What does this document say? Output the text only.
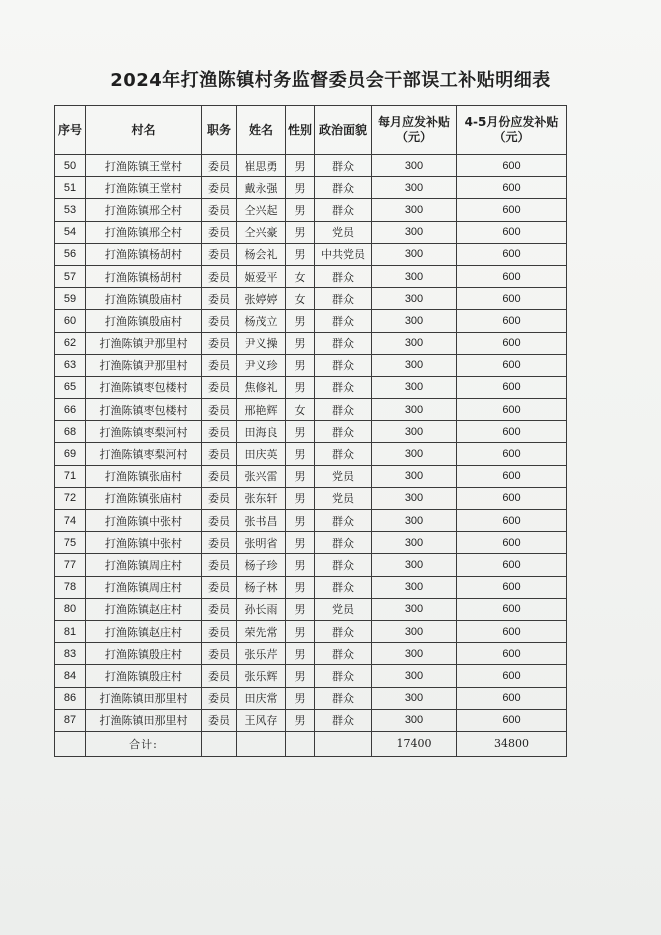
2024年打渔陈镇村务监督委员会干部误工补贴明细表
序号	村名	职务	姓名	性别	政治面貌	每月应发补贴（元）	4-5月份应发补贴（元）
50	打渔陈镇王堂村	委员	崔思勇	男	群众	300	600
51	打渔陈镇王堂村	委员	戴永强	男	群众	300	600
53	打渔陈镇邢仝村	委员	仝兴起	男	群众	300	600
54	打渔陈镇邢仝村	委员	仝兴豪	男	党员	300	600
56	打渔陈镇杨胡村	委员	杨会礼	男	中共党员	300	600
57	打渔陈镇杨胡村	委员	姬爱平	女	群众	300	600
59	打渔陈镇殷庙村	委员	张婷婷	女	群众	300	600
60	打渔陈镇殷庙村	委员	杨茂立	男	群众	300	600
62	打渔陈镇尹那里村	委员	尹义操	男	群众	300	600
63	打渔陈镇尹那里村	委员	尹义珍	男	群众	300	600
65	打渔陈镇枣包楼村	委员	焦修礼	男	群众	300	600
66	打渔陈镇枣包楼村	委员	邢艳辉	女	群众	300	600
68	打渔陈镇枣梨河村	委员	田海良	男	群众	300	600
69	打渔陈镇枣梨河村	委员	田庆英	男	群众	300	600
71	打渔陈镇张庙村	委员	张兴雷	男	党员	300	600
72	打渔陈镇张庙村	委员	张东轩	男	党员	300	600
74	打渔陈镇中张村	委员	张书昌	男	群众	300	600
75	打渔陈镇中张村	委员	张明省	男	群众	300	600
77	打渔陈镇周庄村	委员	杨子珍	男	群众	300	600
78	打渔陈镇周庄村	委员	杨子林	男	群众	300	600
80	打渔陈镇赵庄村	委员	孙长雨	男	党员	300	600
81	打渔陈镇赵庄村	委员	荣先常	男	群众	300	600
83	打渔陈镇殷庄村	委员	张乐芹	男	群众	300	600
84	打渔陈镇殷庄村	委员	张乐辉	男	群众	300	600
86	打渔陈镇田那里村	委员	田庆常	男	群众	300	600
87	打渔陈镇田那里村	委员	王风存	男	群众	300	600
	合计:					17400	34800
